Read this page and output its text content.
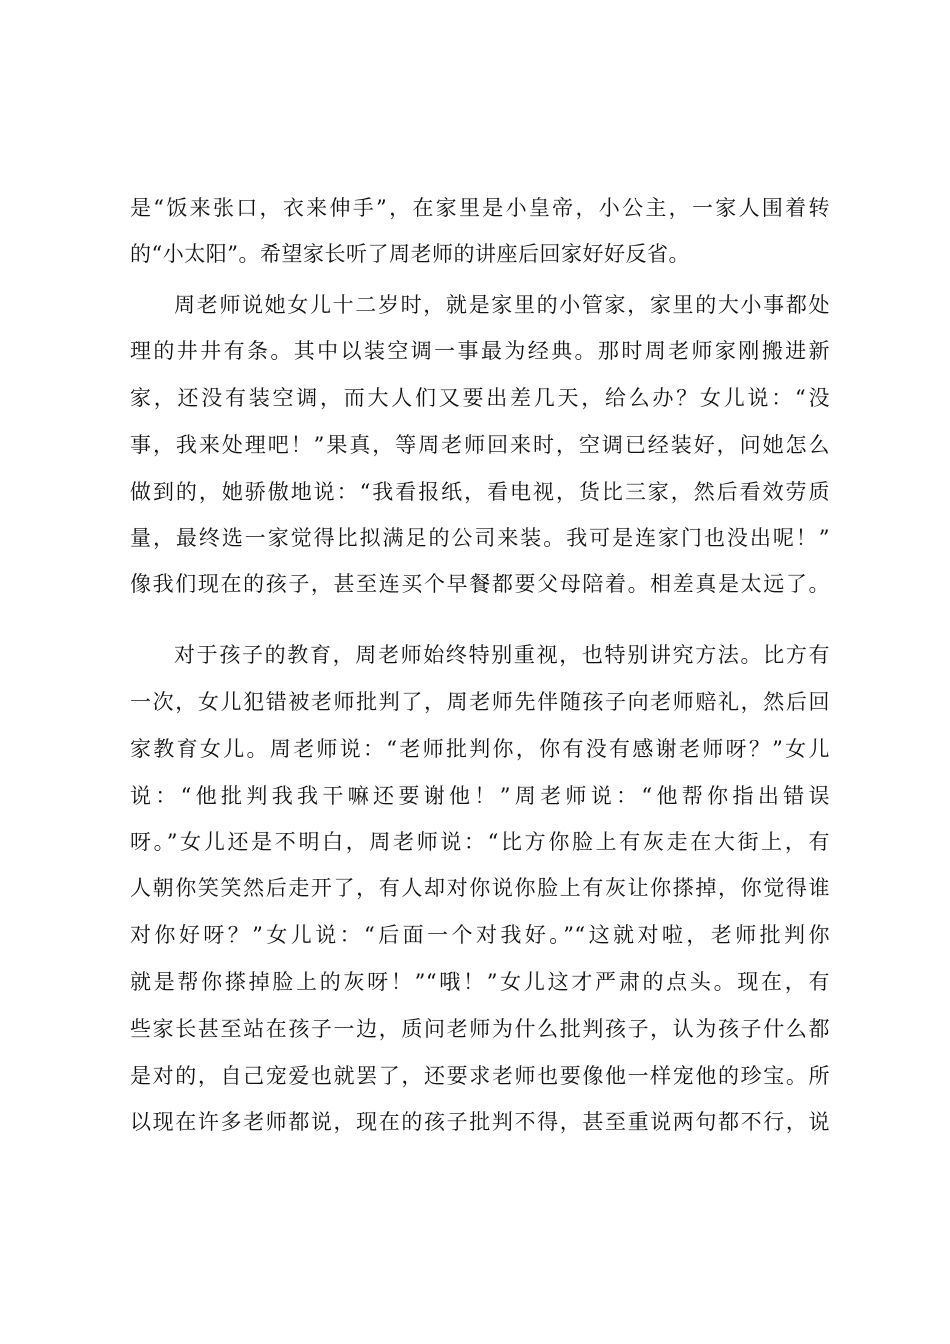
是“饭来张口，衣来伸手”，在家里是小皇帝，小公主，一家人围着转
的“小太阳”。希望家长听了周老师的讲座后回家好好反省。
周老师说她女儿十二岁时，就是家里的小管家，家里的大小事都处
理的井井有条。其中以装空调一事最为经典。那时周老师家刚搬进新
家，还没有装空调，而大人们又要出差几天，给么办？女儿说：“没
事，我来处理吧！”果真，等周老师回来时，空调已经装好，问她怎么
做到的，她骄傲地说：“我看报纸，看电视，货比三家，然后看效劳质
量，最终选一家觉得比拟满足的公司来装。我可是连家门也没出呢！”
像我们现在的孩子，甚至连买个早餐都要父母陪着。相差真是太远了。
对于孩子的教育，周老师始终特别重视，也特别讲究方法。比方有
一次，女儿犯错被老师批判了，周老师先伴随孩子向老师赔礼，然后回
家教育女儿。周老师说：“老师批判你，你有没有感谢老师呀？”女儿
说：“他批判我我干嘛还要谢他！”周老师说：“他帮你指出错误
呀。”女儿还是不明白，周老师说：“比方你脸上有灰走在大街上，有
人朝你笑笑然后走开了，有人却对你说你脸上有灰让你搽掉，你觉得谁
对你好呀？”女儿说：“后面一个对我好。”“这就对啦，老师批判你
就是帮你搽掉脸上的灰呀！”“哦！”女儿这才严肃的点头。现在，有
些家长甚至站在孩子一边，质问老师为什么批判孩子，认为孩子什么都
是对的，自己宠爱也就罢了，还要求老师也要像他一样宠他的珍宝。所
以现在许多老师都说，现在的孩子批判不得，甚至重说两句都不行，说
